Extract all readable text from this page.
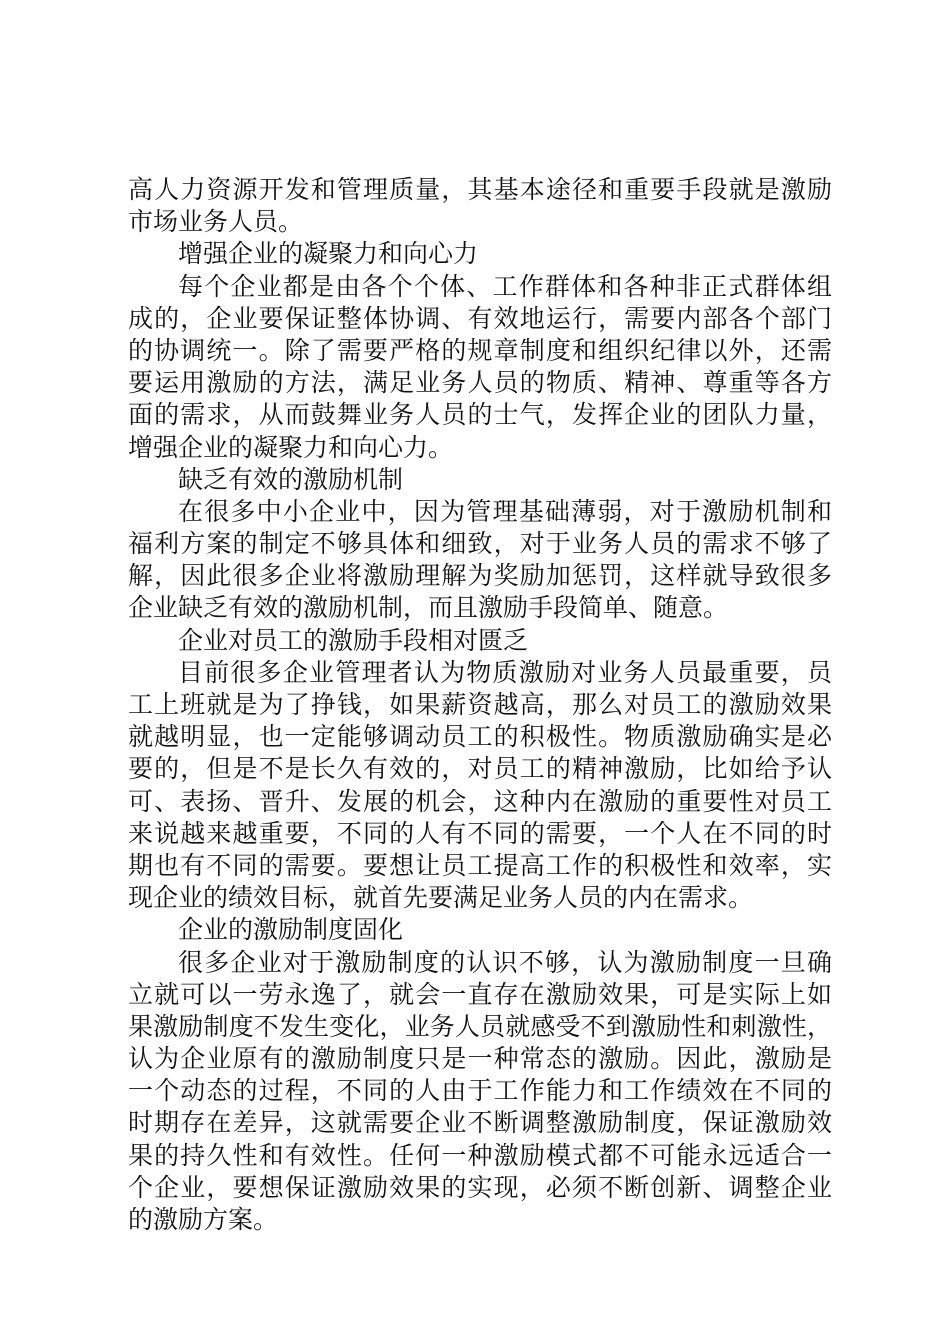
高人力资源开发和管理质量，其基本途径和重要手段就是激励
市场业务人员。
增强企业的凝聚力和向心力
每个企业都是由各个个体、工作群体和各种非正式群体组
成的，企业要保证整体协调、有效地运行，需要内部各个部门
的协调统一。除了需要严格的规章制度和组织纪律以外，还需
要运用激励的方法，满足业务人员的物质、精神、尊重等各方
面的需求，从而鼓舞业务人员的士气，发挥企业的团队力量，
增强企业的凝聚力和向心力。
缺乏有效的激励机制
在很多中小企业中，因为管理基础薄弱，对于激励机制和
福利方案的制定不够具体和细致，对于业务人员的需求不够了
解，因此很多企业将激励理解为奖励加惩罚，这样就导致很多
企业缺乏有效的激励机制，而且激励手段简单、随意。
企业对员工的激励手段相对匮乏
目前很多企业管理者认为物质激励对业务人员最重要，员
工上班就是为了挣钱，如果薪资越高，那么对员工的激励效果
就越明显，也一定能够调动员工的积极性。物质激励确实是必
要的，但是不是长久有效的，对员工的精神激励，比如给予认
可、表扬、晋升、发展的机会，这种内在激励的重要性对员工
来说越来越重要，不同的人有不同的需要，一个人在不同的时
期也有不同的需要。要想让员工提高工作的积极性和效率，实
现企业的绩效目标，就首先要满足业务人员的内在需求。
企业的激励制度固化
很多企业对于激励制度的认识不够，认为激励制度一旦确
立就可以一劳永逸了，就会一直存在激励效果，可是实际上如
果激励制度不发生变化，业务人员就感受不到激励性和刺激性，
认为企业原有的激励制度只是一种常态的激励。因此，激励是
一个动态的过程，不同的人由于工作能力和工作绩效在不同的
时期存在差异，这就需要企业不断调整激励制度，保证激励效
果的持久性和有效性。任何一种激励模式都不可能永远适合一
个企业，要想保证激励效果的实现，必须不断创新、调整企业
的激励方案。
